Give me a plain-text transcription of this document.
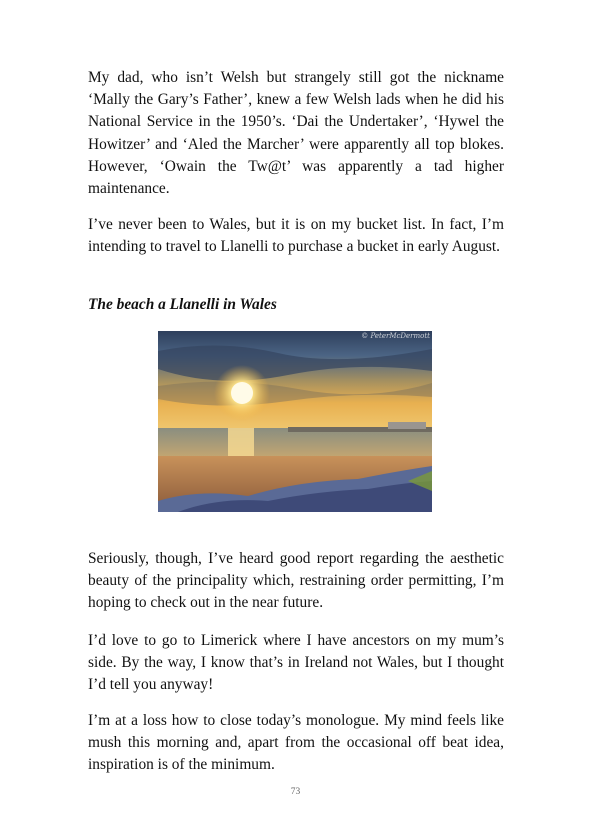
My dad, who isn’t Welsh but strangely still got the nickname ‘Mally the Gary’s Father’, knew a few Welsh lads when he did his National Service in the 1950’s. ‘Dai the Undertaker’, ‘Hywel the Howitzer’ and ‘Aled the Marcher’ were apparently all top blokes. However, ‘Owain the Tw@t’ was apparently a tad higher maintenance.

I’ve never been to Wales, but it is on my bucket list. In fact, I’m intending to travel to Llanelli to purchase a bucket in early August.

The beach a Llanelli in Wales

© PeterMcDermott

Seriously, though, I’ve heard good report regarding the aesthetic beauty of the principality which, restraining order permitting, I’m hoping to check out in the near future.

I’d love to go to Limerick where I have ancestors on my mum’s side. By the way, I know that’s in Ireland not Wales, but I thought I’d tell you anyway!

I’m at a loss how to close today’s monologue. My mind feels like mush this morning and, apart from the occasional off beat idea, inspiration is of the minimum.

73
